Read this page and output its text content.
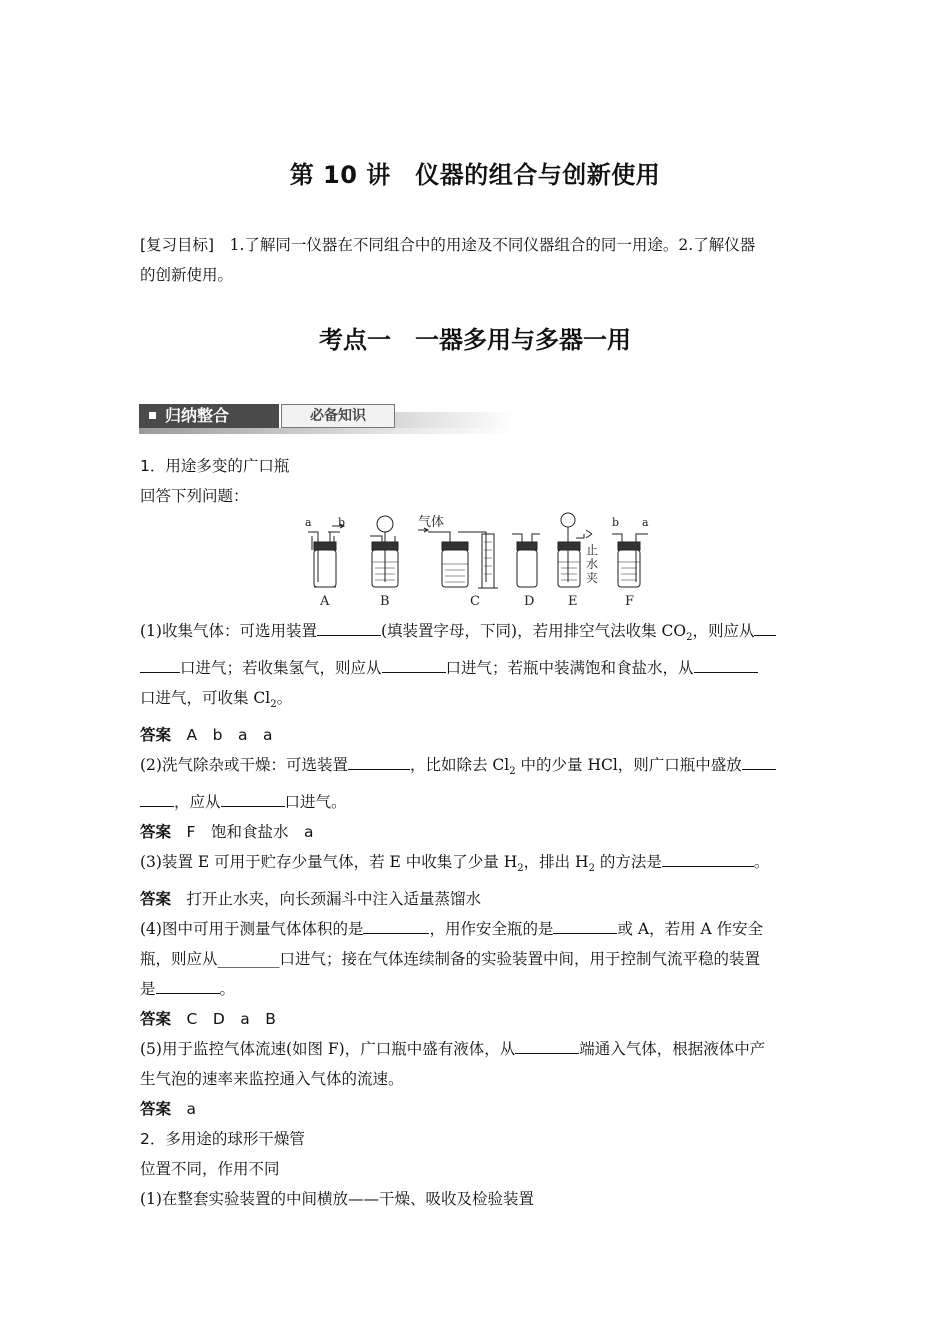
第 10 讲　仪器的组合与创新使用
[复习目标]　1.了解同一仪器在不同组合中的用途及不同仪器组合的同一用途。2.了解仪器
的创新使用。
考点一　一器多用与多器一用
归纳整合	必备知识
1．用途多变的广口瓶
回答下列问题：
a b	气体
止
水
夹
b a
A	B	C	D	E	F
(1)收集气体：可选用装置	(填装置字母，下同)，若用排空气法收集 $CO_2$，则应从
口进气；若收集氢气，则应从	口进气；若瓶中装满饱和食盐水，从
口进气，可收集 $Cl_2$。
答案　 A　b　a　a
(2)洗气除杂或干燥：可选装置	，比如除去 $Cl_2$ 中的少量 HCl，则广口瓶中盛放
，应从	口进气。
答案　 F　饱和食盐水　a
(3)装置 E 可用于贮存少量气体，若 E 中收集了少量 $H_2$，排出 $H_2$ 的方法是	。
答案　 打开止水夹，向长颈漏斗中注入适量蒸馏水
(4)图中可用于测量气体体积的是	，用作安全瓶的是	或 A，若用 A 作安全
瓶，则应从________口进气；接在气体连续制备的实验装置中间，用于控制气流平稳的装置
是	。
答案　 C　D　a　B
(5)用于监控气体流速(如图 F)，广口瓶中盛有液体，从	端通入气体，根据液体中产
生气泡的速率来监控通入气体的流速。
答案　 a
2．多用途的球形干燥管
位置不同，作用不同
(1)在整套实验装置的中间横放——干燥、吸收及检验装置
